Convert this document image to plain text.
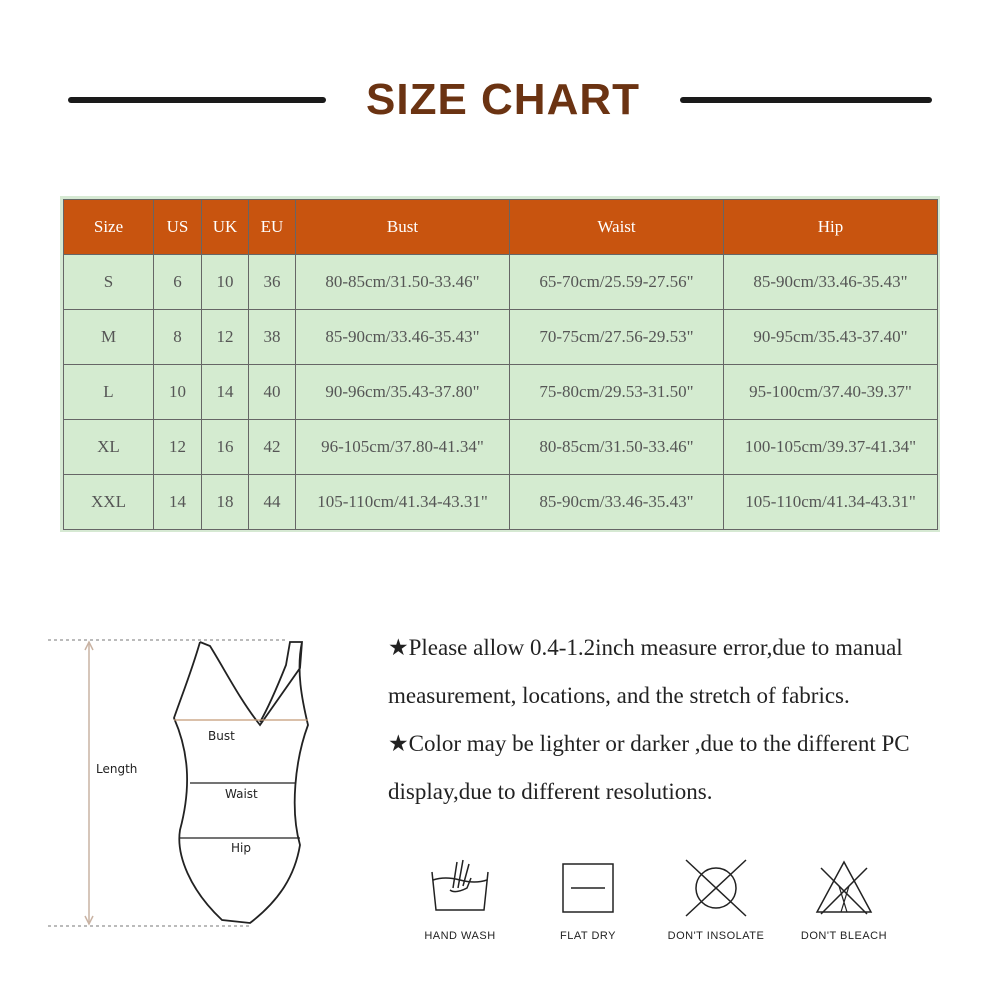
SIZE CHART
Size	US	UK	EU	Bust	Waist	Hip
S	6	10	36	80-85cm/31.50-33.46"	65-70cm/25.59-27.56"	85-90cm/33.46-35.43"
M	8	12	38	85-90cm/33.46-35.43"	70-75cm/27.56-29.53"	90-95cm/35.43-37.40"
L	10	14	40	90-96cm/35.43-37.80"	75-80cm/29.53-31.50"	95-100cm/37.40-39.37"
XL	12	16	42	96-105cm/37.80-41.34"	80-85cm/31.50-33.46"	100-105cm/39.37-41.34"
XXL	14	18	44	105-110cm/41.34-43.31"	85-90cm/33.46-35.43"	105-110cm/41.34-43.31"
Length
Bust
Waist
Hip

★Please allow 0.4-1.2inch measure error,due to manual measurement, locations, and the stretch of fabrics.

★Color may be lighter or darker ,due to the different PC display,due to different resolutions.

HAND WASH	FLAT DRY	DON'T INSOLATE	DON'T BLEACH
